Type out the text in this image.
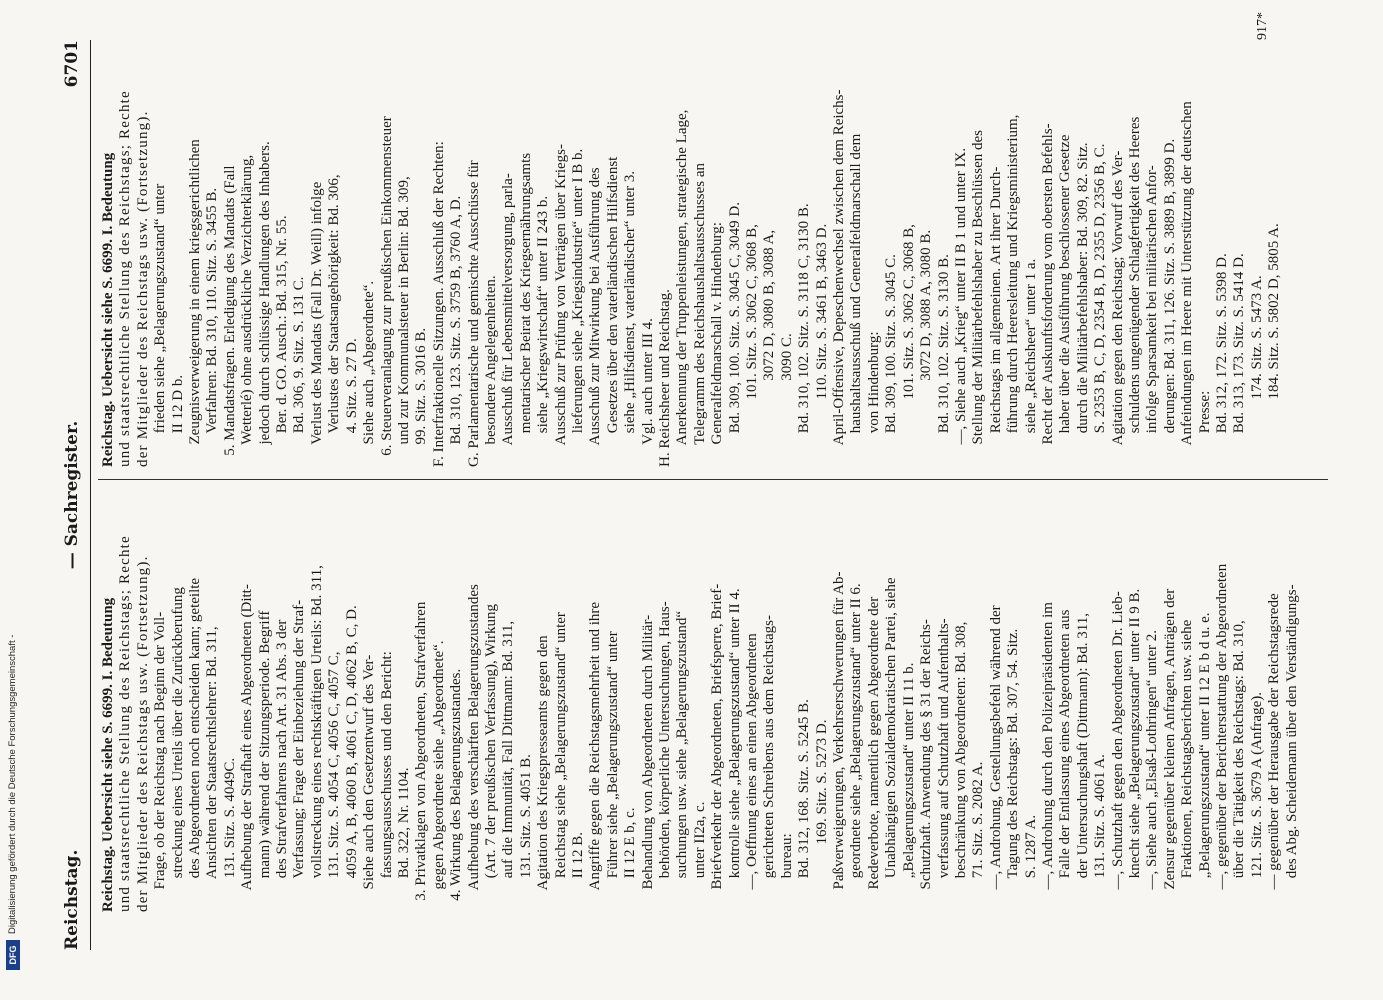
DFG
Digitalisierung gefördert durch die Deutsche Forschungsgemeinschaft -	Reichstag.
— Sachregister.
6701
Reichstag. Uebersicht siehe S. 6699. I. Bedeutung und staatsrechtliche Stellung des Reichstags; Rechte der Mitglieder des Reichstags usw. (Fortsetzung). Frage, ob der Reichstag nach Beginn der Voll- streckung eines Urteils über die Zurückberufung des Abgeordneten noch entscheiden kann; geteilte Ansichten der Staatsrechtslehrer: Bd. 311, 131. Sitz. S. 4049C. Aufhebung der Strafhaft eines Abgeordneten (Ditt- mann) während der Sitzungsperiode. Begriff des Strafverfahrens nach Art. 31 Abs. 3 der Verfassung; Frage der Einbeziehung der Straf- vollstreckung eines rechtskräftigen Urteils: Bd. 311, 131. Sitz. S. 4054 C, 4056 C, 4057 C, 4059 A, B, 4060 B, 4061 C, D, 4062 B, C, D. Siehe auch den Gesetzentwurf des Ver- fassungsausschusses und den Bericht: Bd. 322, Nr. 1104. 3. Privatklagen von Abgeordneten, Strafverfahren gegen Abgeordnete siehe „Abgeordnete“. 4. Wirkung des Belagerungszustandes. Aufhebung des verschärften Belagerungszustandes (Art. 7 der preußischen Verfassung), Wirkung auf die Immunität, Fall Dittmann: Bd. 311, 131. Sitz. S. 4051 B. Agitation des Kriegspresseamts gegen den Reichstag siehe „Belagerungszustand“ unter II 12 B. Angriffe gegen die Reichstagsmehrheit und ihre Führer siehe „Belagerungszustand“ unter II 12 E b, c. Behandlung von Abgeordneten durch Militär- behörden, körperliche Untersuchungen, Haus- suchungen usw. siehe „Belagerungszustand“ unter II2a, c. Briefverkehr der Abgeordneten, Briefsperre, Brief- kontrolle siehe „Belagerungszustand“ unter II 4. —, Oeffnung eines an einen Abgeordneten gerichteten Schreibens aus dem Reichstags- bureau: Bd. 312, 168. Sitz. S. 5245 B. 169. Sitz. S. 5273 D. Paßverweigerungen, Verkehrserschwerungen für Ab- geordnete siehe „Belagerungszustand“ unter II 6. Redeverbote, namentlich gegen Abgeordnete der Unabhängigen Sozialdemokratischen Partei, siehe „Belagerungszustand“ unter II 11 b. Schutzhaft. Anwendung des § 31 der Reichs- verfassung auf Schutzhaft und Aufenthalts- beschränkung von Abgeordneten: Bd. 308, 71. Sitz. S. 2082 A. —, Androhung, Gestellungsbefehl während der Tagung des Reichstags: Bd. 307, 54. Sitz. S. 1287 A. —, Androhung durch den Polizeipräsidenten im Falle der Entlassung eines Abgeordneten aus der Untersuchungshaft (Dittmann): Bd. 311, 131. Sitz. S. 4061 A. —, Schutzhaft gegen den Abgeordneten Dr. Lieb- knecht siehe „Belagerungszustand“ unter II 9 B. —, Siehe auch „Elsaß-Lothringen“ unter 2. Zensur gegenüber kleinen Anfragen, Anträgen der Fraktionen, Reichstagsberichten usw. siehe „Belagerungszustand“ unter II 12 E b d u. e. —, gegenüber der Berichterstattung der Abgeordneten über die Tätigkeit des Reichstags: Bd. 310, 121. Sitz. S. 3679 A (Anfrage). — gegenüber der Herausgabe der Reichstagsrede des Abg. Scheidemann über den Verständigungs-
Reichstag. Uebersicht siehe S. 6699. I. Bedeutung und staatsrechtliche Stellung des Reichstags; Rechte der Mitglieder des Reichstags usw. (Fortsetzung). frieden siehe „Belagerungszustand“ unter II 12 D b. Zeugnisverweigerung in einem kriegsgerichtlichen Verfahren: Bd. 310, 110. Sitz. S. 3455 B. 5. Mandatsfragen. Erledigung des Mandats (Fall Wetterlé) ohne ausdrückliche Verzichterklärung, jedoch durch schlüssige Handlungen des Inhabers. Ber. d. GO. Ausch.: Bd. 315, Nr. 55. Bd. 306, 9. Sitz. S. 131 C. Verlust des Mandats (Fall Dr. Weill) infolge Verlustes der Staatsangehörigkeit: Bd. 306, 4. Sitz. S. 27 D. Siehe auch „Abgeordnete“. 6. Steuerveranlagung zur preußischen Einkommensteuer und zur Kommunalsteuer in Berlin: Bd. 309, 99. Sitz. S. 3016 B. F. Interfraktionelle Sitzungen. Ausschluß der Rechten: Bd. 310, 123. Sitz. S. 3759 B, 3760 A, D. G. Parlamentarische und gemischte Ausschüsse für besondere Angelegenheiten. Ausschuß für Lebensmittelversorgung, parla- mentarischer Beirat des Kriegsernährungsamts siehe „Kriegswirtschaft“ unter II 243 b. Ausschuß zur Prüfung von Verträgen über Kriegs- lieferungen siehe „Kriegsindustrie“ unter I B b. Ausschuß zur Mitwirkung bei Ausführung des Gesetzes über den vaterländischen Hilfsdienst siehe „Hilfsdienst, vaterländischer“ unter 3. Vgl. auch unter III 4. H. Reichsheer und Reichstag. Anerkennung der Truppenleistungen, strategische Lage, Telegramm des Reichshaushaltsausschusses an Generalfeldmarschall v. Hindenburg: Bd. 309, 100. Sitz. S. 3045 C, 3049 D. 101. Sitz. S. 3062 C, 3068 B, 3072 D, 3080 B, 3088 A, 3090 C. Bd. 310, 102. Sitz. S. 3118 C, 3130 B. 110. Sitz. S. 3461 B, 3463 D. April-Offensive, Depeschenwechsel zwischen dem Reichs- haushaltsausschuß und Generalfeldmarschall dem von Hindenburg: Bd. 309, 100. Sitz. S. 3045 C. 101. Sitz. S. 3062 C, 3068 B, 3072 D, 3088 A, 3080 B. Bd. 310, 102. Sitz. S. 3130 B. —, Siehe auch „Krieg“ unter II B 1 und unter IX. Stellung der Militärbefehlshaber zu Beschlüssen des Reichstags im allgemeinen. Art ihrer Durch- führung durch Heeresleitung und Kriegsministerium, siehe „Reichsheer“ unter 1 a. Recht der Auskunftsforderung vom obersten Befehls- haber über die Ausführung beschlossener Gesetze durch die Militärbefehlshaber: Bd. 309, 82. Sitz. S. 2353 B, C, D, 2354 B, D, 2355 D, 2356 B, C. Agitation gegen den Reichstag; Vorwurf des Ver- schuldens ungenügender Schlagfertigkeit des Heeres infolge Sparsamkeit bei militärischen Anfor- derungen: Bd. 311, 126. Sitz. S. 3889 B, 3899 D. Anfeindungen im Heere mit Unterstützung der deutschen Presse: Bd. 312, 172. Sitz. S. 5398 D. Bd. 313, 173. Sitz. S. 5414 D. 174. Sitz. S. 5473 A. 184. Sitz. S. 5802 D, 5805 A.
917*
